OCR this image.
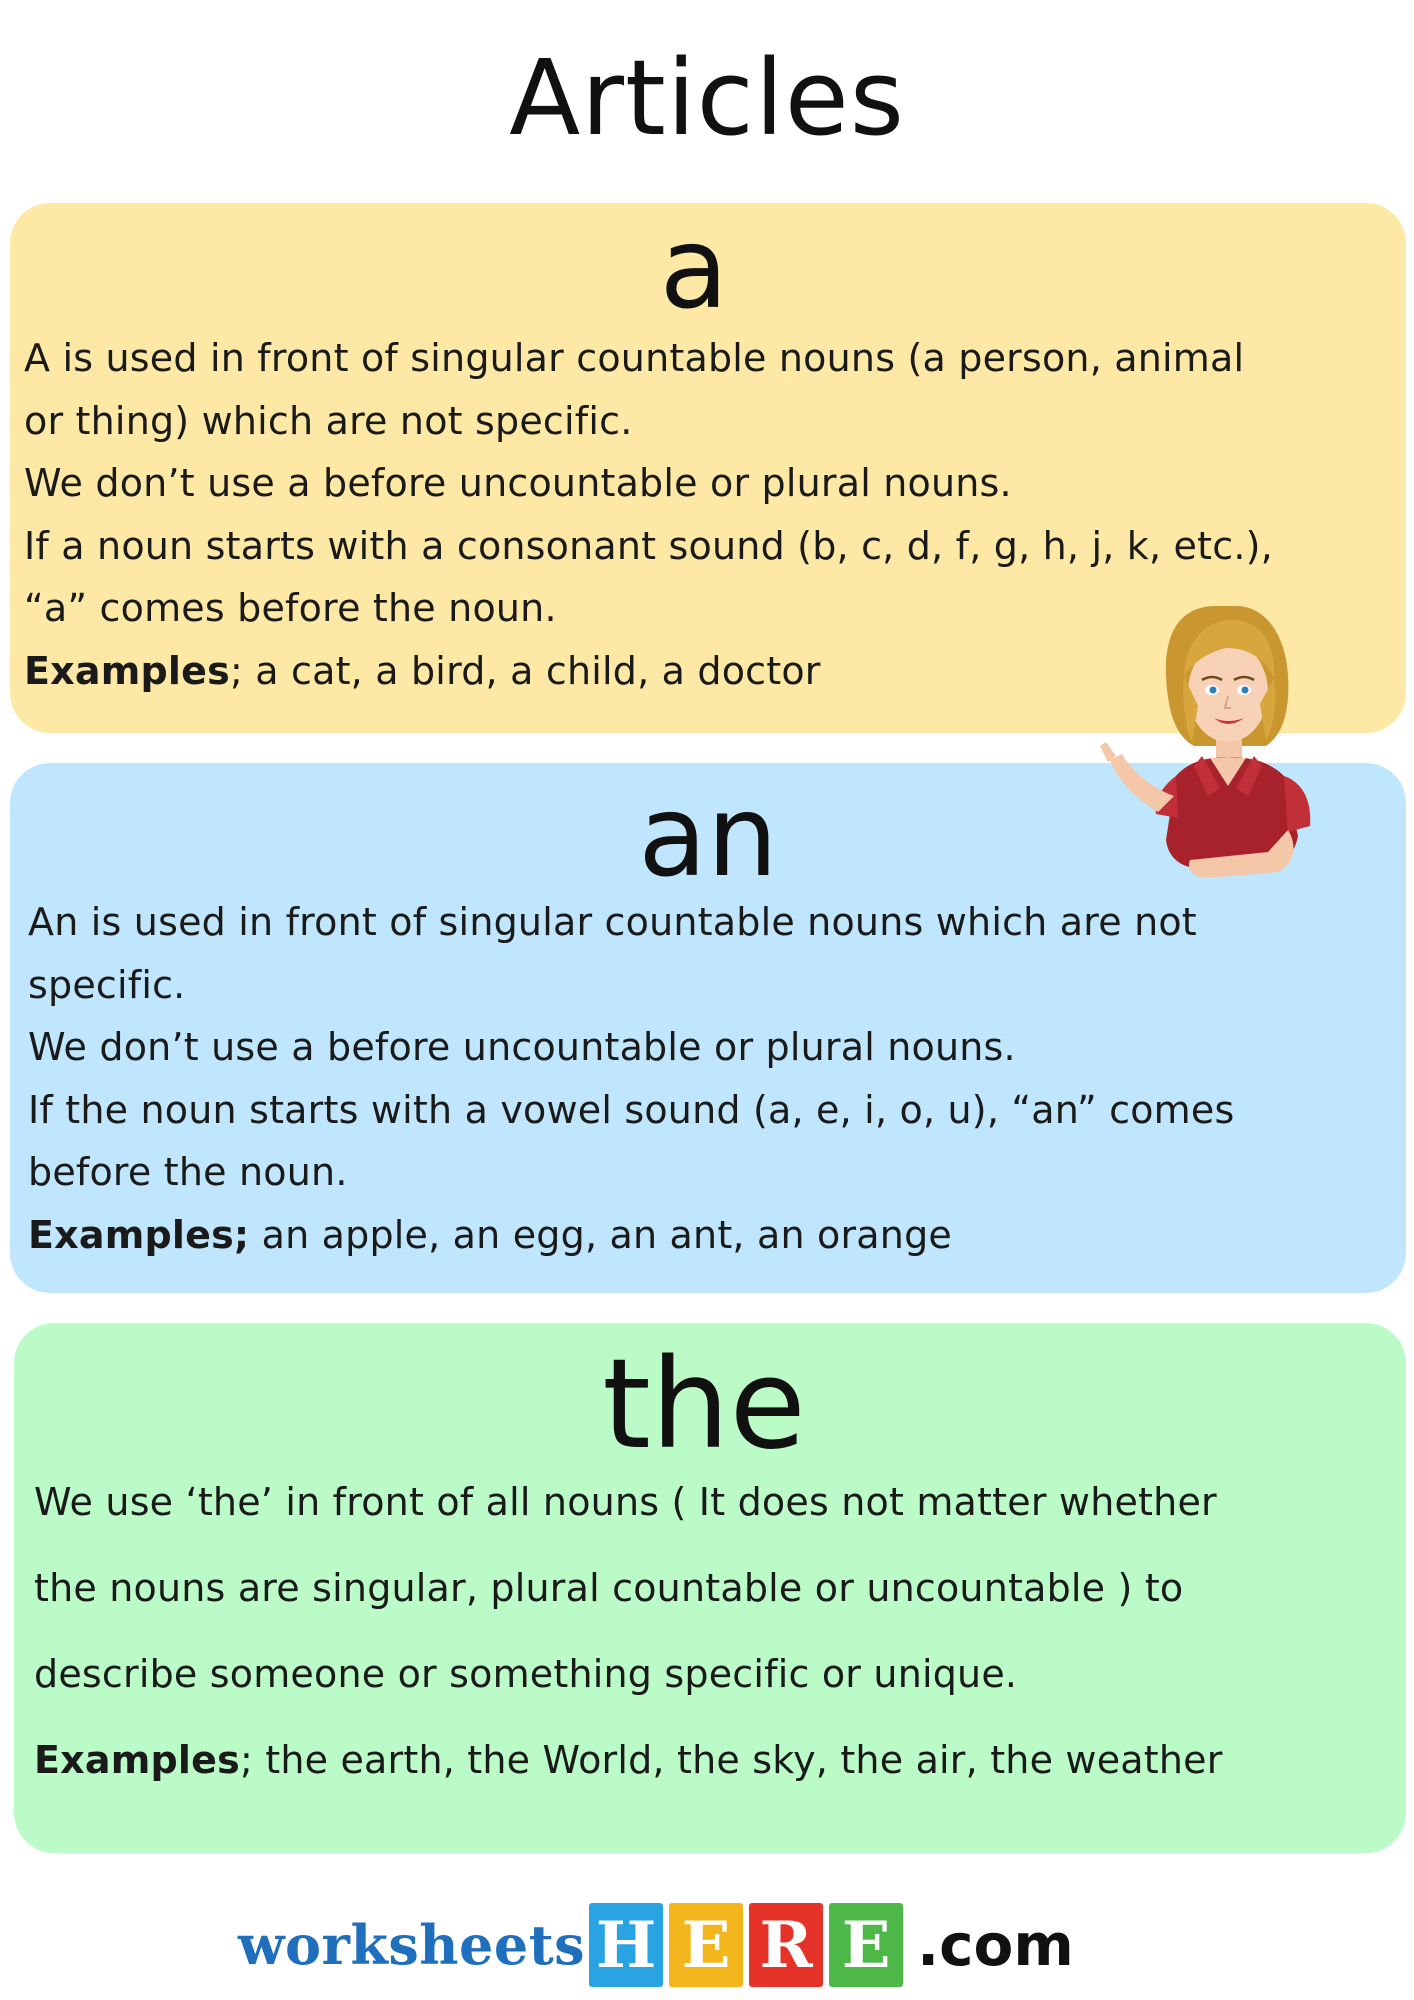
Articles
a
A is used in front of singular countable nouns (a person, animal
or thing) which are not specific.
We don’t use a before uncountable or plural nouns.
If a noun starts with a consonant sound (b, c, d, f, g, h, j, k, etc.),
“a” comes before the noun.
Examples; a cat, a bird, a child, a doctor
an
An is used in front of singular countable nouns which are not
specific.
We don’t use a before uncountable or plural nouns.
If the noun starts with a vowel sound (a, e, i, o, u), “an” comes
before the noun.
Examples; an apple, an egg, an ant, an orange
the
We use ‘the’ in front of all nouns ( It does not matter whether
the nouns are singular, plural countable or uncountable ) to
describe someone or something specific or unique.
Examples; the earth, the World, the sky, the air, the weather
worksheets H E R E .com
